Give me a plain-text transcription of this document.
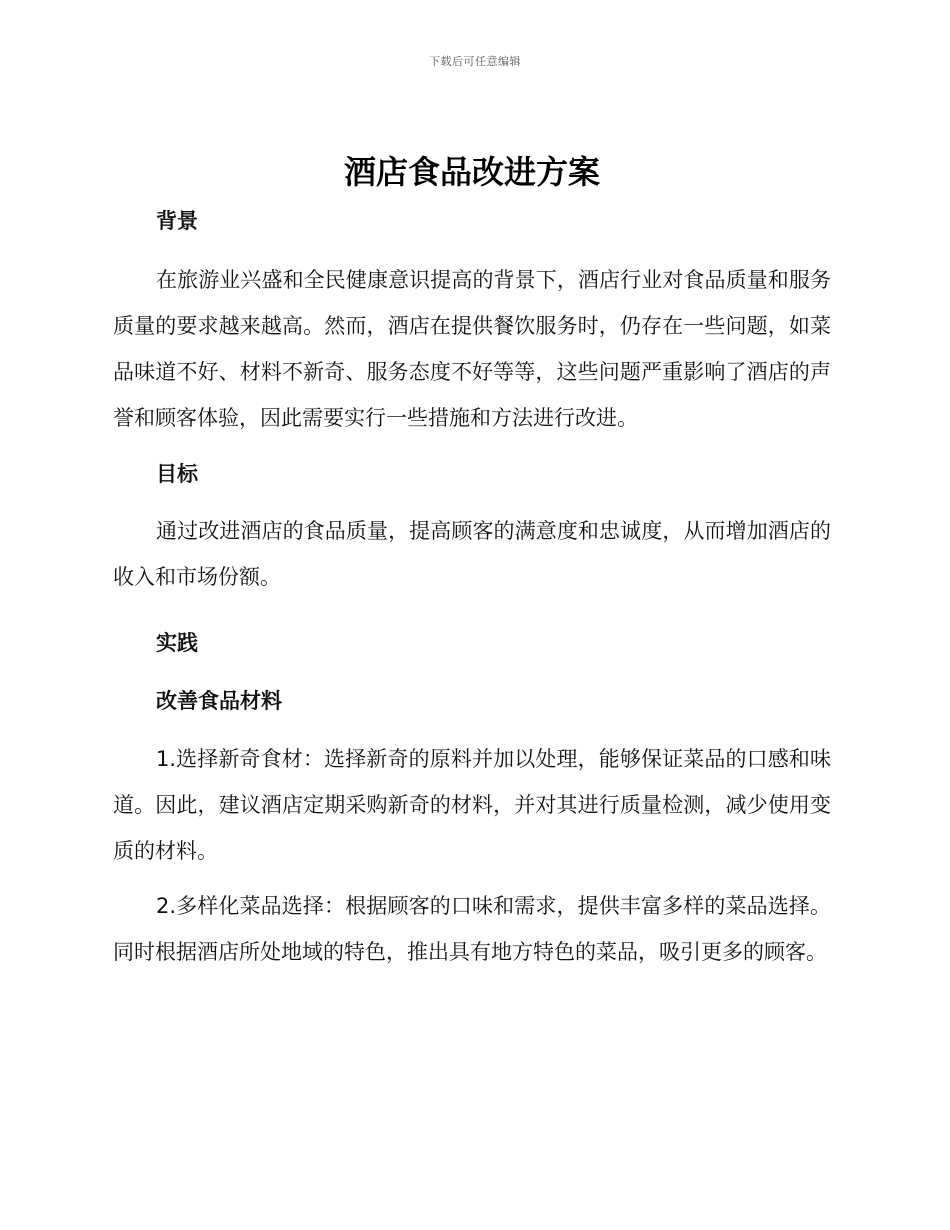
下载后可任意编辑
酒店食品改进方案
背景

在旅游业兴盛和全民健康意识提高的背景下，酒店行业对食品质量和服务质量的要求越来越高。然而，酒店在提供餐饮服务时，仍存在一些问题，如菜品味道不好、材料不新奇、服务态度不好等等，这些问题严重影响了酒店的声誉和顾客体验，因此需要实行一些措施和方法进行改进。

目标

通过改进酒店的食品质量，提高顾客的满意度和忠诚度，从而增加酒店的收入和市场份额。

实践
改善食品材料

1.选择新奇食材：选择新奇的原料并加以处理，能够保证菜品的口感和味道。因此，建议酒店定期采购新奇的材料，并对其进行质量检测，减少使用变质的材料。

2.多样化菜品选择：根据顾客的口味和需求，提供丰富多样的菜品选择。同时根据酒店所处地域的特色，推出具有地方特色的菜品，吸引更多的顾客。
